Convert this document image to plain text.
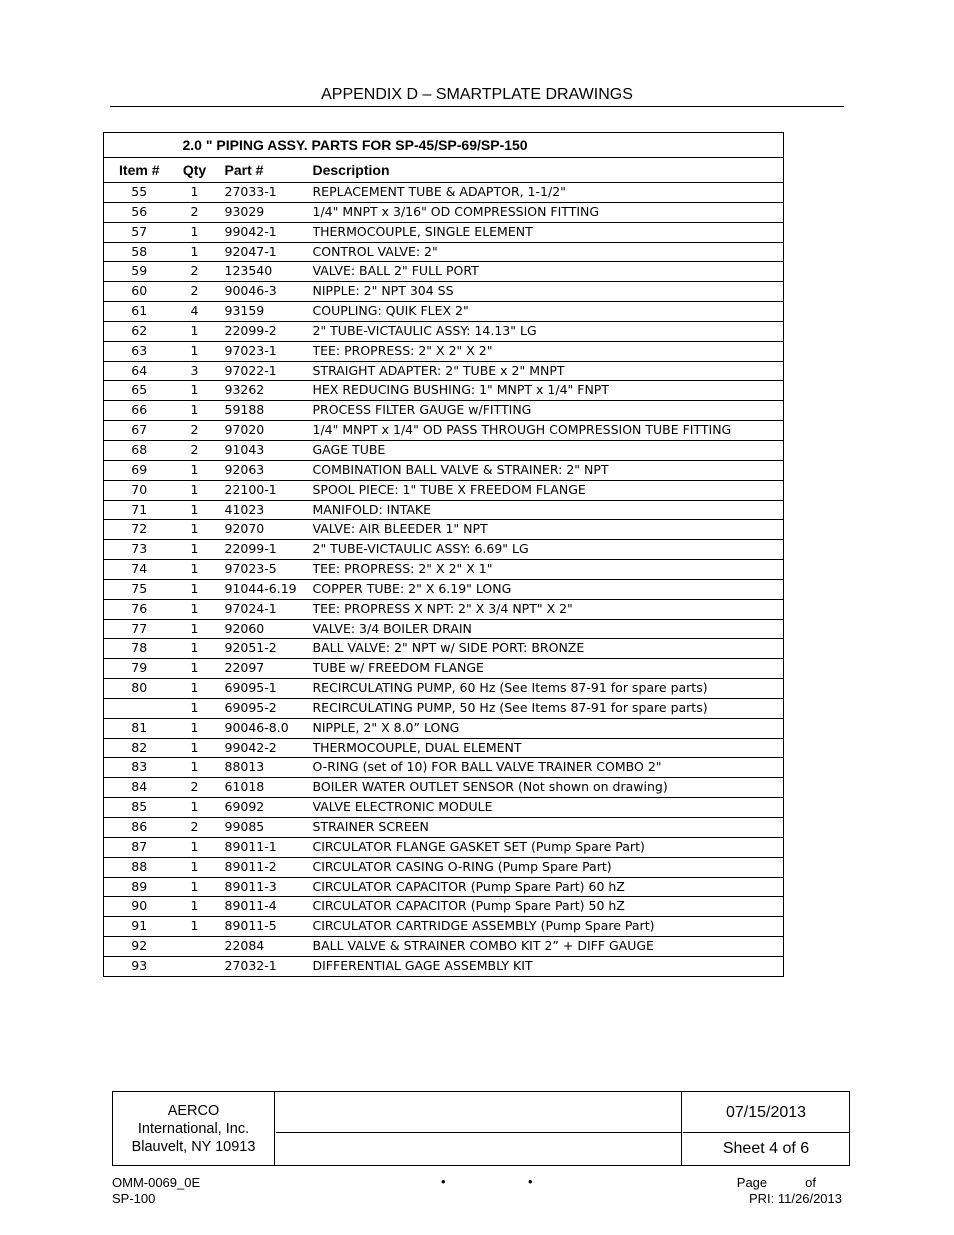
APPENDIX D – SMARTPLATE DRAWINGS
	2.0 " PIPING ASSY. PARTS FOR SP-45/SP-69/SP-150		
Item #	Qty	Part #	Description
55	1	27033-1	REPLACEMENT TUBE & ADAPTOR, 1-1/2"
56	2	93029	1/4" MNPT x 3/16" OD COMPRESSION FITTING
57	1	99042-1	THERMOCOUPLE, SINGLE ELEMENT
58	1	92047-1	CONTROL VALVE: 2"
59	2	123540	VALVE: BALL 2" FULL PORT
60	2	90046-3	NIPPLE: 2" NPT 304 SS
61	4	93159	COUPLING: QUIK FLEX 2"
62	1	22099-2	2" TUBE-VICTAULIC ASSY: 14.13" LG
63	1	97023-1	TEE: PROPRESS: 2" X 2" X 2"
64	3	97022-1	STRAIGHT ADAPTER: 2" TUBE x 2" MNPT
65	1	93262	HEX REDUCING BUSHING: 1" MNPT x 1/4" FNPT
66	1	59188	PROCESS FILTER GAUGE w/FITTING
67	2	97020	1/4" MNPT x 1/4" OD PASS THROUGH COMPRESSION TUBE FITTING
68	2	91043	GAGE TUBE
69	1	92063	COMBINATION BALL VALVE & STRAINER: 2" NPT
70	1	22100-1	SPOOL PIECE: 1" TUBE X FREEDOM FLANGE
71	1	41023	MANIFOLD: INTAKE
72	1	92070	VALVE: AIR BLEEDER 1" NPT
73	1	22099-1	2" TUBE-VICTAULIC ASSY: 6.69" LG
74	1	97023-5	TEE: PROPRESS: 2" X 2" X 1"
75	1	91044-6.19	COPPER TUBE: 2" X 6.19" LONG
76	1	97024-1	TEE: PROPRESS X NPT: 2" X 3/4 NPT" X 2"
77	1	92060	VALVE: 3/4 BOILER DRAIN
78	1	92051-2	BALL VALVE: 2" NPT w/ SIDE PORT: BRONZE
79	1	22097	TUBE w/ FREEDOM FLANGE
80	1	69095-1	RECIRCULATING PUMP, 60 Hz (See Items 87-91 for spare parts)
	1	69095-2	RECIRCULATING PUMP, 50 Hz (See Items 87-91 for spare parts)
81	1	90046-8.0	NIPPLE, 2" X 8.0” LONG
82	1	99042-2	THERMOCOUPLE, DUAL ELEMENT
83	1	88013	O-RING (set of 10) FOR BALL VALVE TRAINER COMBO 2"
84	2	61018	BOILER WATER OUTLET SENSOR (Not shown on drawing)
85	1	69092	VALVE ELECTRONIC MODULE
86	2	99085	STRAINER SCREEN
87	1	89011-1	CIRCULATOR FLANGE GASKET SET (Pump Spare Part)
88	1	89011-2	CIRCULATOR CASING O-RING (Pump Spare Part)
89	1	89011-3	CIRCULATOR CAPACITOR (Pump Spare Part) 60 hZ
90	1	89011-4	CIRCULATOR CAPACITOR (Pump Spare Part) 50 hZ
91	1	89011-5	CIRCULATOR CARTRIDGE ASSEMBLY (Pump Spare Part)
92		22084	BALL VALVE & STRAINER COMBO KIT 2” + DIFF GAUGE
93		27032-1	DIFFERENTIAL GAGE ASSEMBLY KIT
AERCO
International, Inc.
Blauvelt, NY 10913
07/15/2013
Sheet 4 of 6
OMM-0069_0E
SP-100
•	•	Page	of
PRI: 11/26/2013
